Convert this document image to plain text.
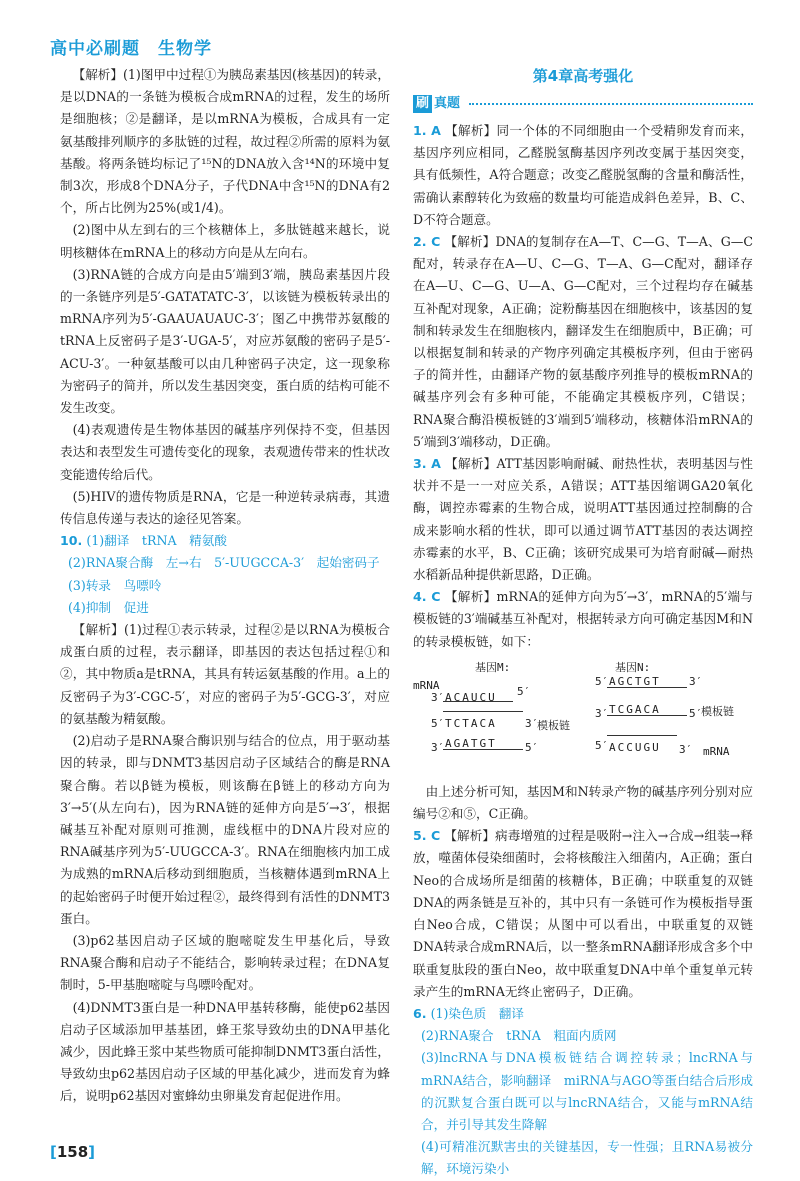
高中必刷题　生物学

【解析】(1)图甲中过程①为胰岛素基因(核基因)的转录，是以DNA的一条链为模板合成mRNA的过程，发生的场所是细胞核；②是翻译，是以mRNA为模板，合成具有一定氨基酸排列顺序的多肽链的过程，故过程②所需的原料为氨基酸。将两条链均标记了¹⁵N的DNA放入含¹⁴N的环境中复制3次，形成8个DNA分子，子代DNA中含¹⁵N的DNA有2个，所占比例为25%(或1/4)。

(2)图中从左到右的三个核糖体上，多肽链越来越长，说明核糖体在mRNA上的移动方向是从左向右。

(3)RNA链的合成方向是由5′端到3′端，胰岛素基因片段的一条链序列是5′-GATATATC-3′，以该链为模板转录出的mRNA序列为5′-GAAUAUAUC-3′；图乙中携带苏氨酸的tRNA上反密码子是3′-UGA-5′，对应苏氨酸的密码子是5′-ACU-3′。一种氨基酸可以由几种密码子决定，这一现象称为密码子的简并，所以发生基因突变，蛋白质的结构可能不发生改变。

(4)表观遗传是生物体基因的碱基序列保持不变，但基因表达和表型发生可遗传变化的现象，表观遗传带来的性状改变能遗传给后代。

(5)HIV的遗传物质是RNA，它是一种逆转录病毒，其遗传信息传递与表达的途径见答案。

10. (1)翻译　tRNA　精氨酸

(2)RNA聚合酶　左→右　5′-UUGCCA-3′　起始密码子

(3)转录　鸟嘌呤

(4)抑制　促进

【解析】(1)过程①表示转录，过程②是以RNA为模板合成蛋白质的过程，表示翻译，即基因的表达包括过程①和②，其中物质a是tRNA，其具有转运氨基酸的作用。a上的反密码子为3′-CGC-5′，对应的密码子为5′-GCG-3′，对应的氨基酸为精氨酸。

(2)启动子是RNA聚合酶识别与结合的位点，用于驱动基因的转录，即与DNMT3基因启动子区域结合的酶是RNA聚合酶。若以β链为模板，则该酶在β链上的移动方向为3′→5′(从左向右)，因为RNA链的延伸方向是5′→3′，根据碱基互补配对原则可推测，虚线框中的DNA片段对应的RNA碱基序列为5′-UUGCCA-3′。RNA在细胞核内加工成为成熟的mRNA后移动到细胞质，当核糖体遇到mRNA上的起始密码子时便开始过程②，最终得到有活性的DNMT3蛋白。

(3)p62基因启动子区域的胞嘧啶发生甲基化后，导致RNA聚合酶和启动子不能结合，影响转录过程；在DNA复制时，5-甲基胞嘧啶与鸟嘌呤配对。

(4)DNMT3蛋白是一种DNA甲基转移酶，能使p62基因启动子区域添加甲基基团，蜂王浆导致幼虫的DNA甲基化减少，因此蜂王浆中某些物质可能抑制DNMT3蛋白活性，导致幼虫p62基因启动子区域的甲基化减少，进而发育为蜂后，说明p62基因对蜜蜂幼虫卵巢发育起促进作用。

第4章高考强化
刷 真题

1. A 【解析】同一个体的不同细胞由一个受精卵发育而来，基因序列应相同，乙醛脱氢酶基因序列改变属于基因突变，具有低频性，A符合题意；改变乙醛脱氢酶的含量和酶活性，需确认素醇转化为致癌的数量均可能造成斜色差异，B、C、D不符合题意。

2. C 【解析】DNA的复制存在A—T、C—G、T—A、G—C配对，转录存在A—U、C—G、T—A、G—C配对，翻译存在A—U、C—G、U—A、G—C配对，三个过程均存在碱基互补配对现象，A正确；淀粉酶基因在细胞核中，该基因的复制和转录发生在细胞核内，翻译发生在细胞质中，B正确；可以根据复制和转录的产物序列确定其模板序列，但由于密码子的简并性，由翻译产物的氨基酸序列推导的模板mRNA的碱基序列会有多种可能，不能确定其模板序列，C错误；RNA聚合酶沿模板链的3′端到5′端移动，核糖体沿mRNA的5′端到3′端移动，D正确。

3. A 【解析】ATT基因影响耐碱、耐热性状，表明基因与性状并不是一一对应关系，A错误；ATT基因缩调GA20氧化酶，调控赤霉素的生物合成，说明ATT基因通过控制酶的合成来影响水稻的性状，即可以通过调节ATT基因的表达调控赤霉素的水平，B、C正确；该研究成果可为培育耐碱—耐热水稻新品种提供新思路，D正确。

4. C 【解析】mRNA的延伸方向为5′→3′，mRNA的5′端与模板链的3′端碱基互补配对，根据转录方向可确定基因M和N的转录模板链，如下：

基因M:	基因N:
mRNA
3′ ACAUCU 5′
5′ TCTACA	3′
模板链
3′ AGATGT	5′
5′ AGCTGT	3′
3′ TCGACA	5′
模板链
5′ ACCUGU 3′ mRNA

由上述分析可知，基因M和N转录产物的碱基序列分别对应编号②和⑤，C正确。

5. C 【解析】病毒增殖的过程是吸附→注入→合成→组装→释放，噬菌体侵染细菌时，会将核酸注入细菌内，A正确；蛋白Neo的合成场所是细菌的核糖体，B正确；中联重复的双链DNA的两条链是互补的，其中只有一条链可作为模板指导蛋白Neo合成，C错误；从图中可以看出，中联重复的双链DNA转录合成mRNA后，以一整条mRNA翻译形成含多个中联重复肽段的蛋白Neo，故中联重复DNA中单个重复单元转录产生的mRNA无终止密码子，D正确。

6. (1)染色质　翻译

(2)RNA聚合　tRNA　粗面内质网

(3)lncRNA与DNA模板链结合调控转录；lncRNA与mRNA结合，影响翻译　miRNA与AGO等蛋白结合后形成的沉默复合蛋白既可以与lncRNA结合，又能与mRNA结合，并引导其发生降解

(4)可精准沉默害虫的关键基因，专一性强；且RNA易被分解，环境污染小

[158]
